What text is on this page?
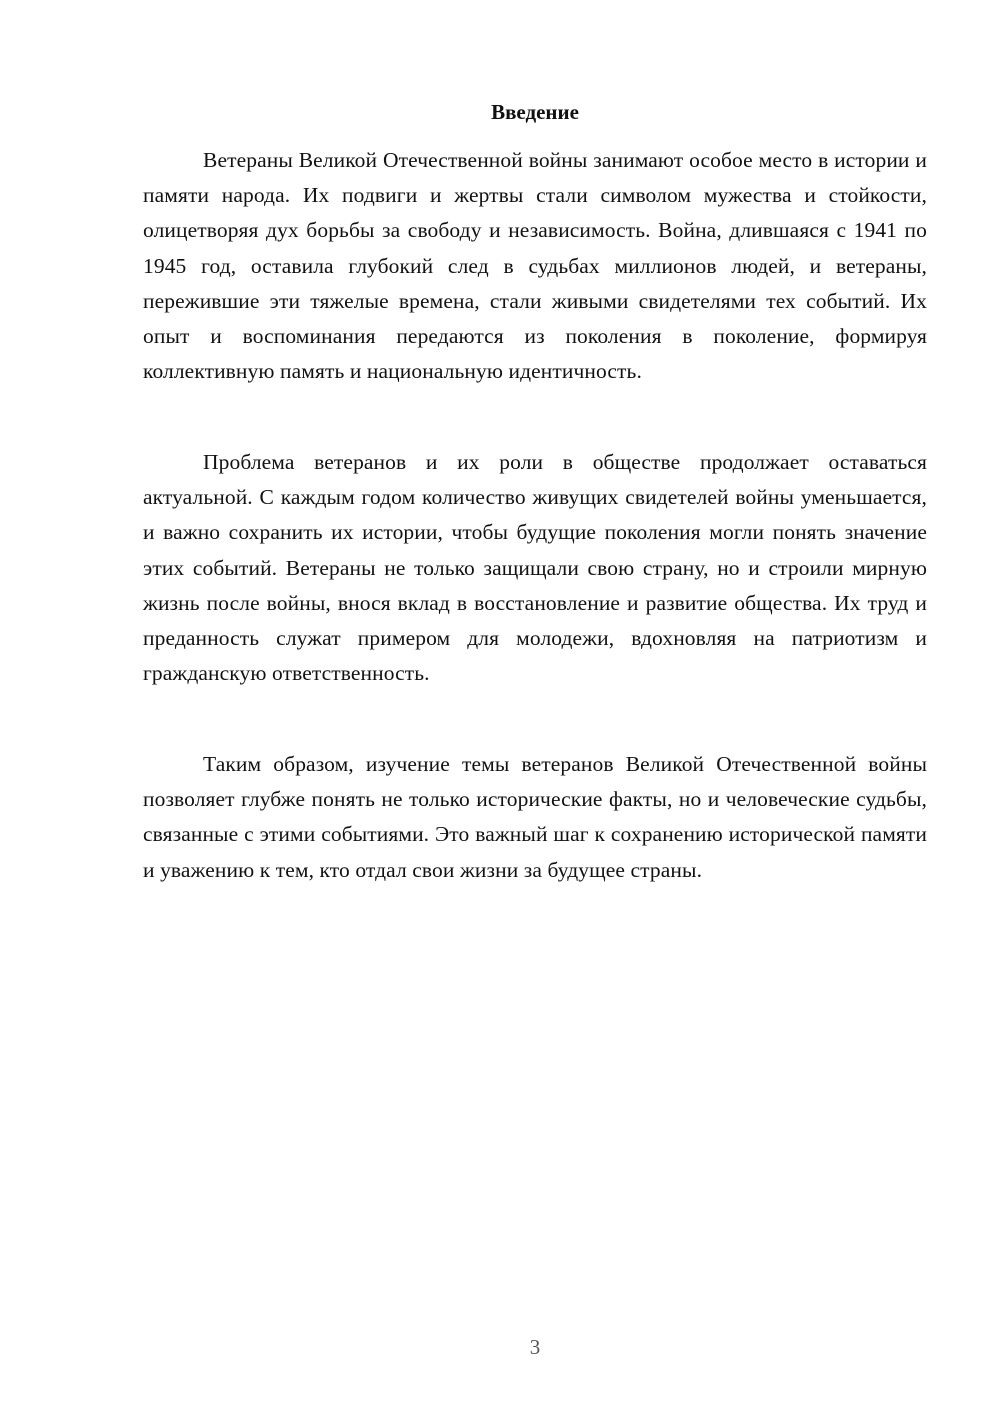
Введение

Ветераны Великой Отечественной войны занимают особое место в истории и памяти народа. Их подвиги и жертвы стали символом мужества и стойкости, олицетворяя дух борьбы за свободу и независимость. Война, длившаяся с 1941 по 1945 год, оставила глубокий след в судьбах миллионов людей, и ветераны, пережившие эти тяжелые времена, стали живыми свидетелями тех событий. Их опыт и воспоминания передаются из поколения в поколение, формируя коллективную память и национальную идентичность.

Проблема ветеранов и их роли в обществе продолжает оставаться актуальной. С каждым годом количество живущих свидетелей войны уменьшается, и важно сохранить их истории, чтобы будущие поколения могли понять значение этих событий. Ветераны не только защищали свою страну, но и строили мирную жизнь после войны, внося вклад в восстановление и развитие общества. Их труд и преданность служат примером для молодежи, вдохновляя на патриотизм и гражданскую ответственность.

Таким образом, изучение темы ветеранов Великой Отечественной войны позволяет глубже понять не только исторические факты, но и человеческие судьбы, связанные с этими событиями. Это важный шаг к сохранению исторической памяти и уважению к тем, кто отдал свои жизни за будущее страны.

3
